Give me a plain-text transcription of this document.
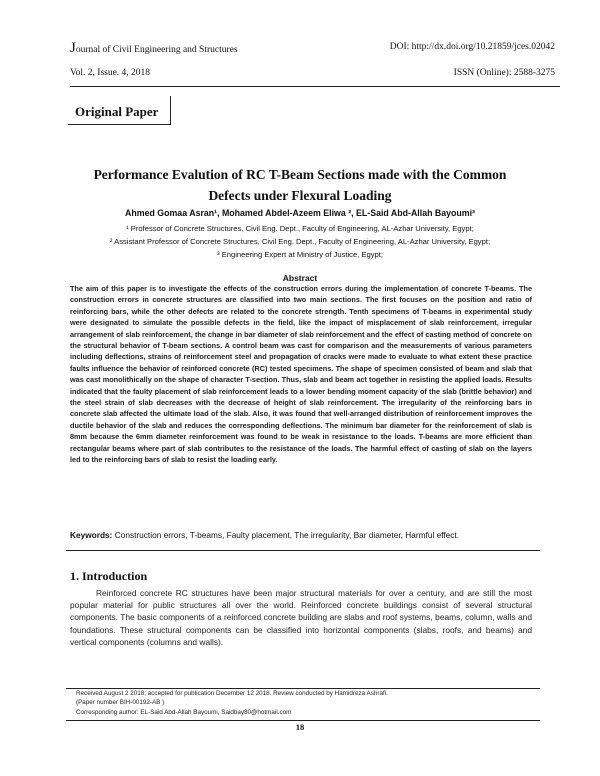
Journal of Civil Engineering and Structures	DOI: http://dx.doi.org/10.21859/jces.02042
Vol. 2, Issue. 4, 2018	ISSN (Online): 2588-3275
Original Paper
Performance Evalution of RC T-Beam Sections made with the Common
Defects under Flexural Loading
Ahmed Gomaa Asran¹, Mohamed Abdel-Azeem Eliwa ², EL-Said Abd-Allah Bayoumi³
¹ Professor of Concrete Structures, Civil Eng. Dept., Faculty of Engineering, AL-Azhar University, Egypt;
² Assistant Professor of Concrete Structures, Civil Eng. Dept., Faculty of Engineering, AL-Azhar University, Egypt;
³ Engineering Expert at Ministry of Justice, Egypt;
Abstract
The aim of this paper is to investigate the effects of the construction errors during the implementation of concrete T-beams. The construction errors in concrete structures are classified into two main sections. The first focuses on the position and ratio of reinforcing bars, while the other defects are related to the concrete strength. Tenth specimens of T-beams in experimental study were designated to simulate the possible defects in the field, like the impact of misplacement of slab reinforcement, irregular arrangement of slab reinforcement, the change in bar diameter of slab reinforcement and the effect of casting method of concrete on the structural behavior of T-beam sections. A control beam was cast for comparison and the measurements of various parameters including deflections, strains of reinforcement steel and propagation of cracks were made to evaluate to what extent these practice faults influence the behavior of reinforced concrete (RC) tested specimens. The shape of specimen consisted of beam and slab that was cast monolithically on the shape of character T-section. Thus, slab and beam act together in resisting the applied loads. Results indicated that the faulty placement of slab reinforcement leads to a lower bending moment capacity of the slab (brittle behavior) and the steel strain of slab decreases with the decrease of height of slab reinforcement. The irregularity of the reinforcing bars in concrete slab affected the ultimate load of the slab. Also, it was found that well-arranged distribution of reinforcement improves the ductile behavior of the slab and reduces the corresponding deflections. The minimum bar diameter for the reinforcement of slab is 8mm because the 6mm diameter reinforcement was found to be weak in resistance to the loads. T-beams are more efficient than rectangular beams where part of slab contributes to the resistance of the loads. The harmful effect of casting of slab on the layers led to the reinforcing bars of slab to resist the loading early.
Keywords: Construction errors, T-beams, Faulty placement, The irregularity, Bar diameter, Harmful effect.
1. Introduction
Reinforced concrete RC structures have been major structural materials for over a century, and are still the most popular material for public structures all over the world. Reinforced concrete buildings consist of several structural components. The basic components of a reinforced concrete building are slabs and roof systems, beams, column, walls and foundations. These structural components can be classified into horizontal components (slabs, roofs, and beams) and vertical components (columns and walls).
Received August 2 2018; accepted for publication December 12 2018. Review conducted by Hamidreza Ashrafi.
(Paper number BIH-00192-AB )
Corresponding author: EL-Said Abd-Allah Bayoumi, Saidbay80@hotmail.com
18
